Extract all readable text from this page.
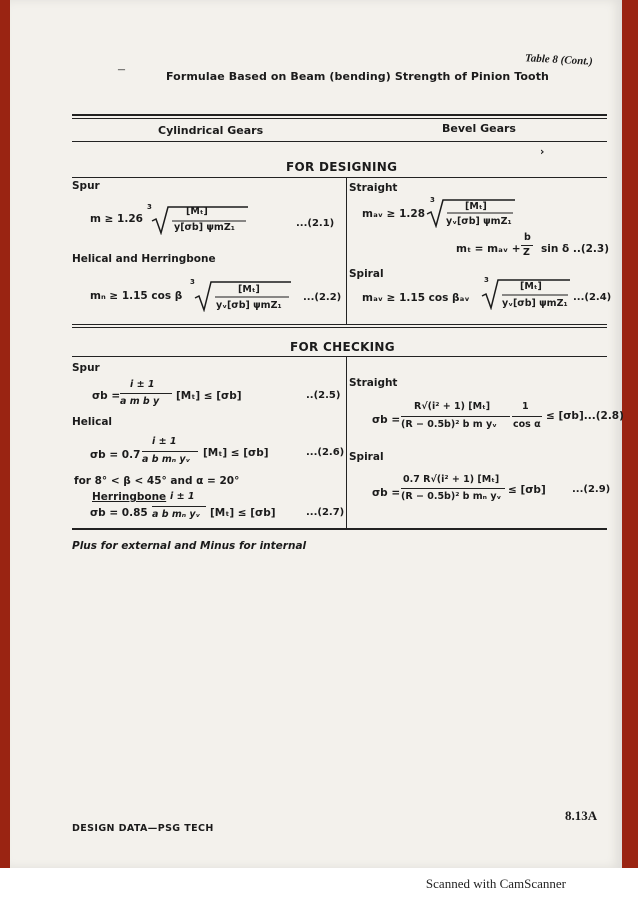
Table 8 (Cont.)
–	Formulae Based on Beam (bending) Strength of Pinion Tooth
Cylindrical Gears	Bevel Gears
›
FOR DESIGNING
Spur
m ≥ 1.26
3	[Mₜ]
y[σb] ψmZ₁	...(2.1)
Helical and Herringbone
mₙ ≥ 1.15 cos β
3
[Mₜ]
yᵥ[σb] ψmZ₁
...(2.2)
Straight
mₐᵥ ≥ 1.28
3
[Mₜ]
yᵥ[σb] ψmZ₁
mₜ = mₐᵥ +
b
Z sin δ ..(2.3)
Spiral
mₐᵥ ≥ 1.15 cos βₐᵥ
3
[Mₜ]
yᵥ[σb] ψmZ₁
...(2.4)
FOR CHECKING
Spur
σb =
i ± 1
a m b y [Mₜ] ≤ [σb]	..(2.5)
Helical
σb = 0.7
i ± 1
a b mₙ yᵥ
[Mₜ] ≤ [σb]	...(2.6)
for 8° < β < 45° and α = 20°
Herringbone
σb = 0.85
i ± 1
a b mₙ yᵥ [Mₜ] ≤ [σb]	...(2.7)
Straight
σb =
R√(i² + 1) [Mₜ]
(R − 0.5b)² b m yᵥ
1
cos α
≤ [σb]...(2.8)
Spiral
σb =
0.7 R√(i² + 1) [Mₜ]
(R − 0.5b)² b mₙ yᵥ
≤ [σb]	...(2.9)
Plus for external and Minus for internal
DESIGN DATA—PSG TECH
8.13A
Scanned with CamScanner
